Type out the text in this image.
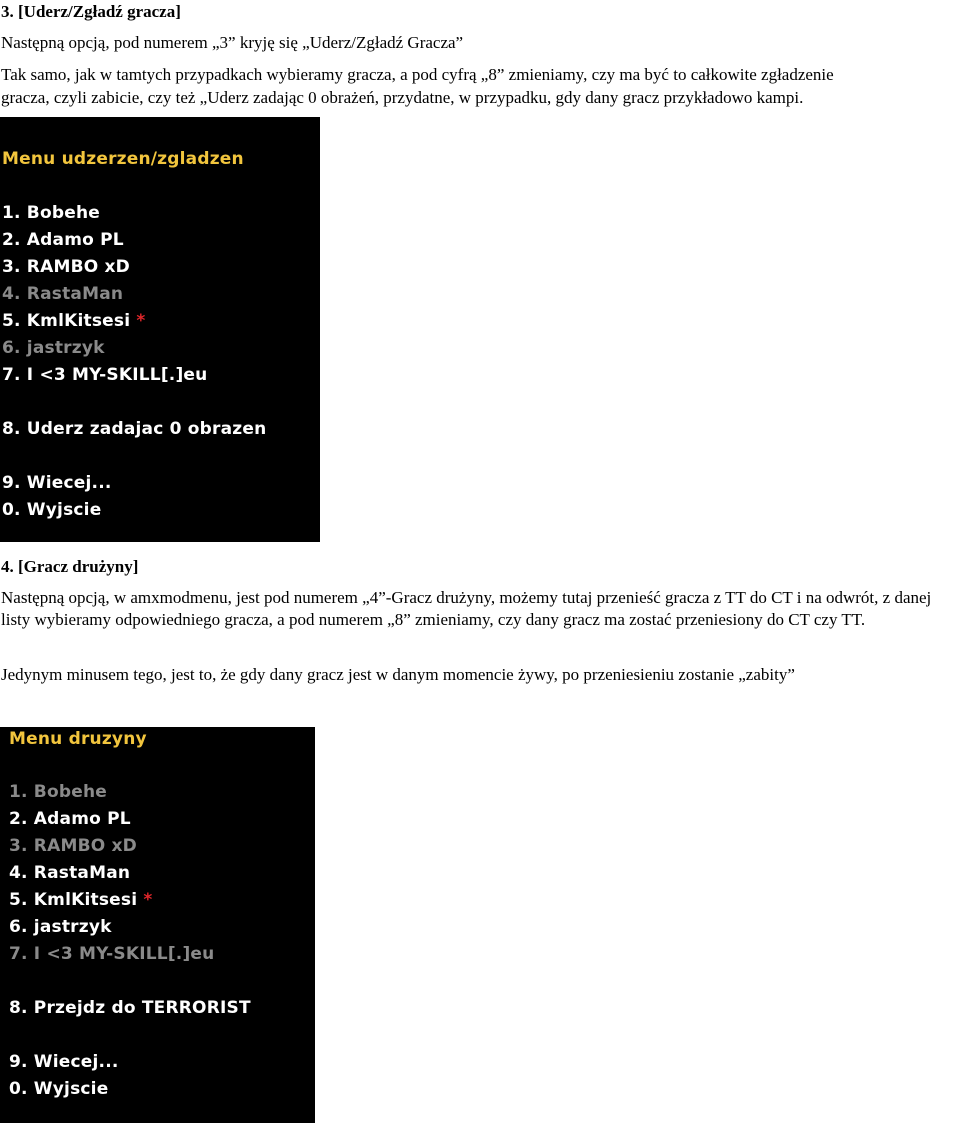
3. [Uderz/Zgładź gracza]
Następną opcją, pod numerem „3” kryję się „Uderz/Zgładź Gracza”
Tak samo, jak w tamtych przypadkach wybieramy gracza, a pod cyfrą „8” zmieniamy, czy ma być to całkowite zgładzenie
gracza, czyli zabicie, czy też „Uderz zadając 0 obrażeń, przydatne, w przypadku, gdy dany gracz przykładowo kampi.
Menu udzerzen/zgladzen
1. Bobehe
2. Adamo PL
3. RAMBO xD
4. RastaMan
5. KmlKitsesi *
6. jastrzyk
7. I <3 MY-SKILL[.]eu
8. Uderz zadajac 0 obrazen
9. Wiecej...
0. Wyjscie
4. [Gracz drużyny]
Następną opcją, w amxmodmenu, jest pod numerem „4”-Gracz drużyny, możemy tutaj przenieść gracza z TT do CT i na odwrót, z danej listy wybieramy odpowiedniego gracza, a pod numerem „8” zmieniamy, czy dany gracz ma zostać przeniesiony do CT czy TT.
Jedynym minusem tego, jest to, że gdy dany gracz jest w danym momencie żywy, po przeniesieniu zostanie „zabity”
Menu druzyny
1. Bobehe
2. Adamo PL
3. RAMBO xD
4. RastaMan
5. KmlKitsesi *
6. jastrzyk
7. I <3 MY-SKILL[.]eu
8. Przejdz do TERRORIST
9. Wiecej...
0. Wyjscie
